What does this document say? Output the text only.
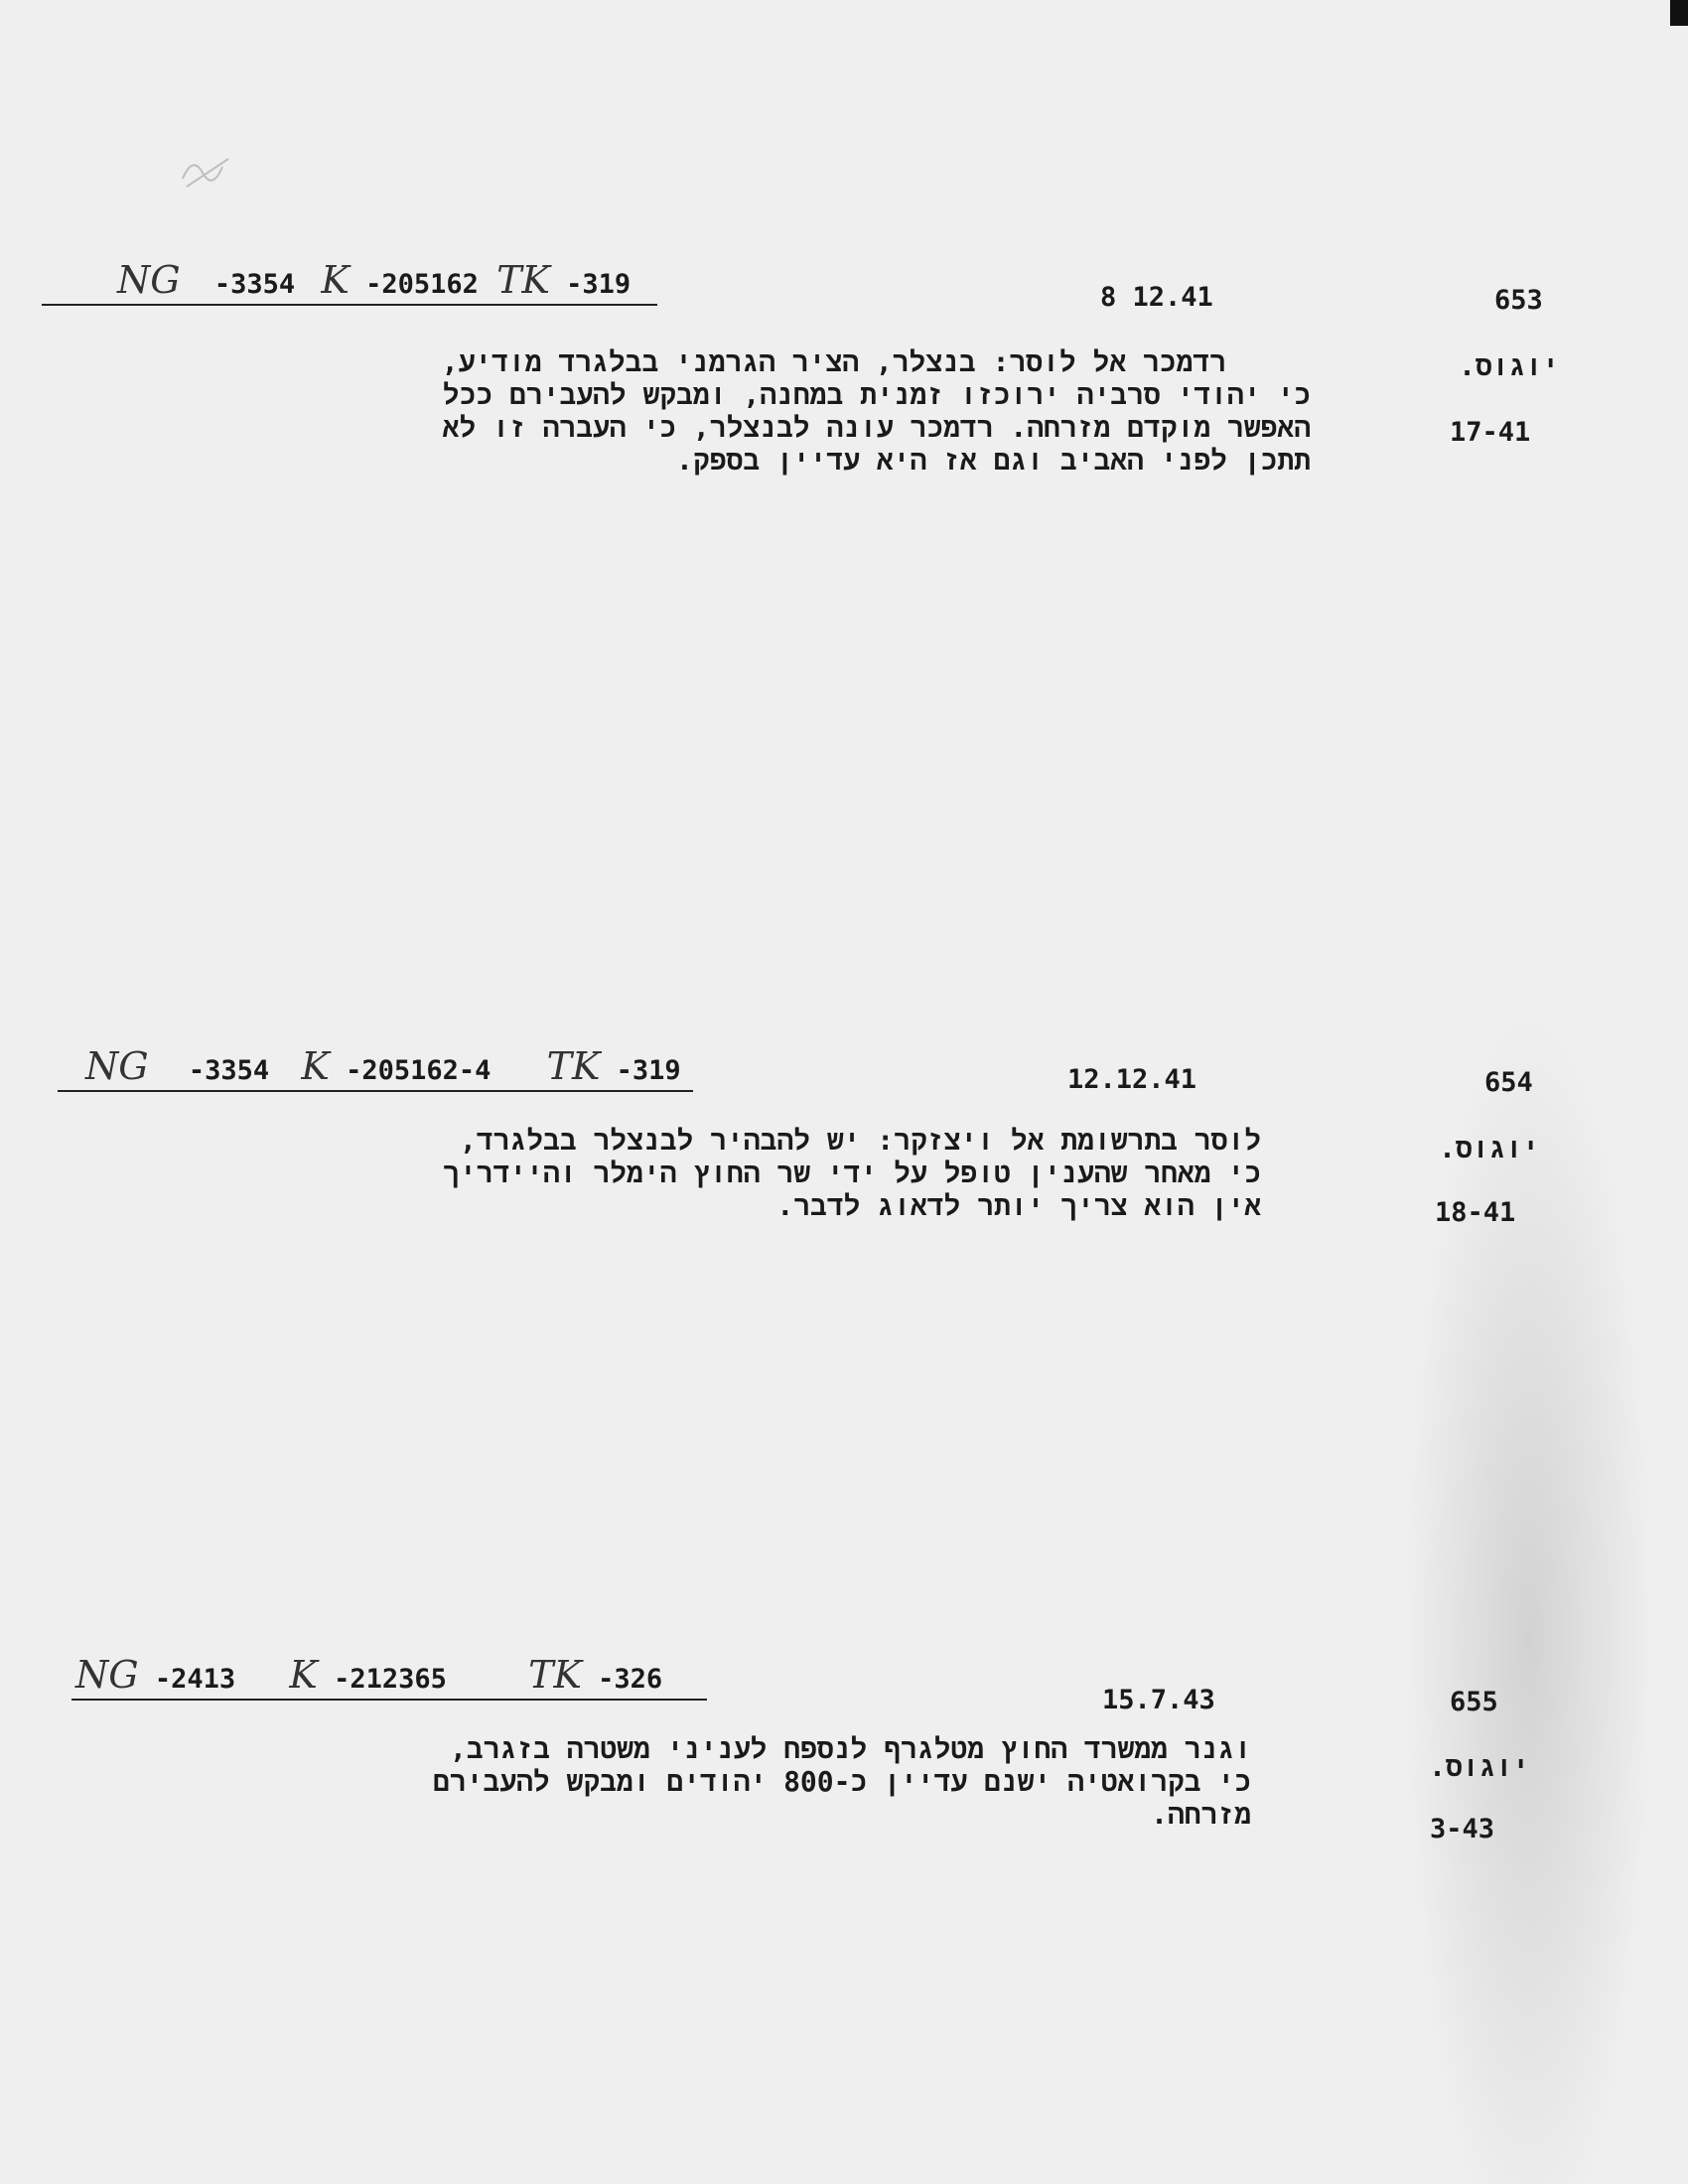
NG -3354 K -205162 TK -319	8 12.41	653
רדמכר אל לוסר: בנצלר, הציר הגרמני בבלגרד מודיע,
כי יהודי סרביה ירוכזו זמנית במחנה, ומבקש להעבירם ככל
האפשר מוקדם מזרחה. רדמכר עונה לבנצלר, כי העברה זו לא
תתכן לפני האביב וגם אז היא עדיין בספק.
יוגוס.
17-41
NG -3354 K -205162-4 TK -319	12.12.41	654
לוסר בתרשומת אל ויצזקר: יש להבהיר לבנצלר בבלגרד,
כי מאחר שהענין טופל על ידי שר החוץ הימלר והיידריך
אין הוא צריך יותר לדאוג לדבר.
יוגוס.
18-41
NG -2413 K -212365 TK -326
15.7.43	655
וגנר ממשרד החוץ מטלגרף לנספח לעניני משטרה בזגרב,
כי בקרואטיה ישנם עדיין כ-800 יהודים ומבקש להעבירם
מזרחה.
יוגוס.
3-43
